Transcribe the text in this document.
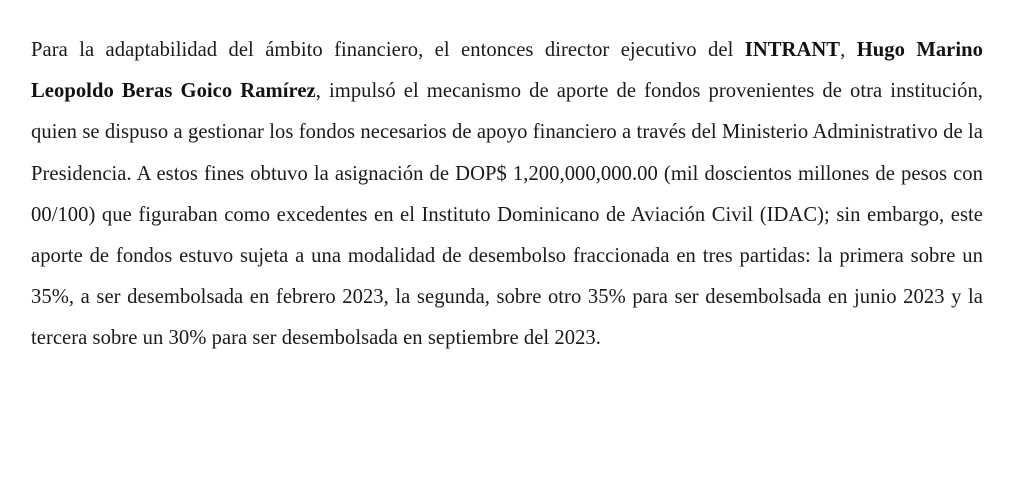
Para la adaptabilidad del ámbito financiero, el entonces director ejecutivo del INTRANT, Hugo Marino Leopoldo Beras Goico Ramírez, impulsó el mecanismo de aporte de fondos provenientes de otra institución, quien se dispuso a gestionar los fondos necesarios de apoyo financiero a través del Ministerio Administrativo de la Presidencia. A estos fines obtuvo la asignación de DOP$ 1,200,000,000.00 (mil doscientos millones de pesos con 00/100) que figuraban como excedentes en el Instituto Dominicano de Aviación Civil (IDAC); sin embargo, este aporte de fondos estuvo sujeta a una modalidad de desembolso fraccionada en tres partidas: la primera sobre un 35%, a ser desembolsada en febrero 2023, la segunda, sobre otro 35% para ser desembolsada en junio 2023 y la tercera sobre un 30% para ser desembolsada en septiembre del 2023.
